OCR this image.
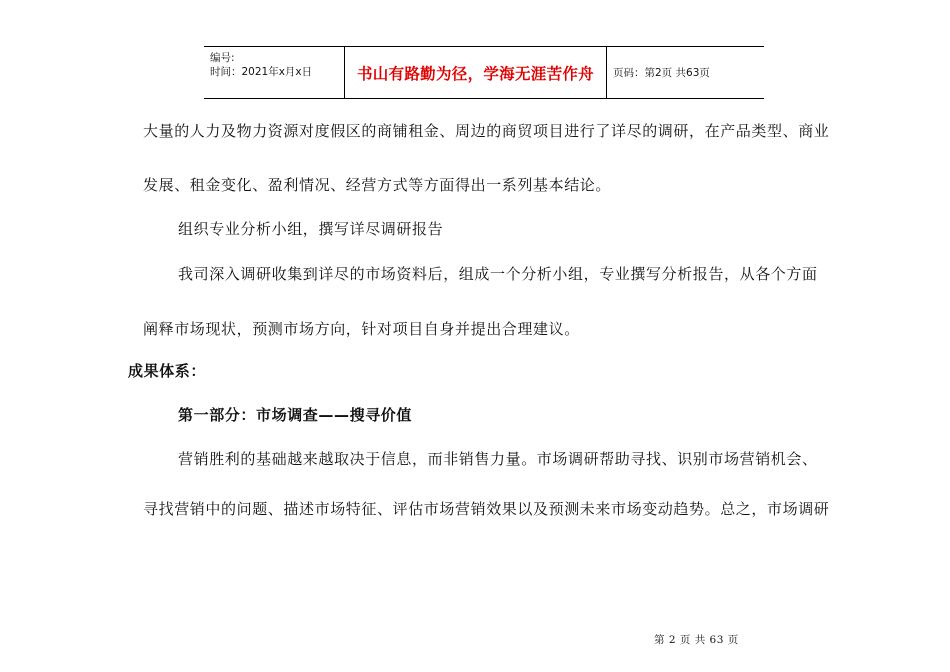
编号:
时间：2021年x月x日	书山有路勤为径，学海无涯苦作舟	页码：第2页 共63页
大量的人力及物力资源对度假区的商铺租金、周边的商贸项目进行了详尽的调研，在产品类型、商业
发展、租金变化、盈利情况、经营方式等方面得出一系列基本结论。
组织专业分析小组，撰写详尽调研报告
我司深入调研收集到详尽的市场资料后，组成一个分析小组，专业撰写分析报告，从各个方面
阐释市场现状，预测市场方向，针对项目自身并提出合理建议。
成果体系：
第一部分：市场调查——搜寻价值
营销胜利的基础越来越取决于信息，而非销售力量。市场调研帮助寻找、识别市场营销机会、
寻找营销中的问题、描述市场特征、评估市场营销效果以及预测未来市场变动趋势。总之，市场调研
第 2 页 共 63 页
